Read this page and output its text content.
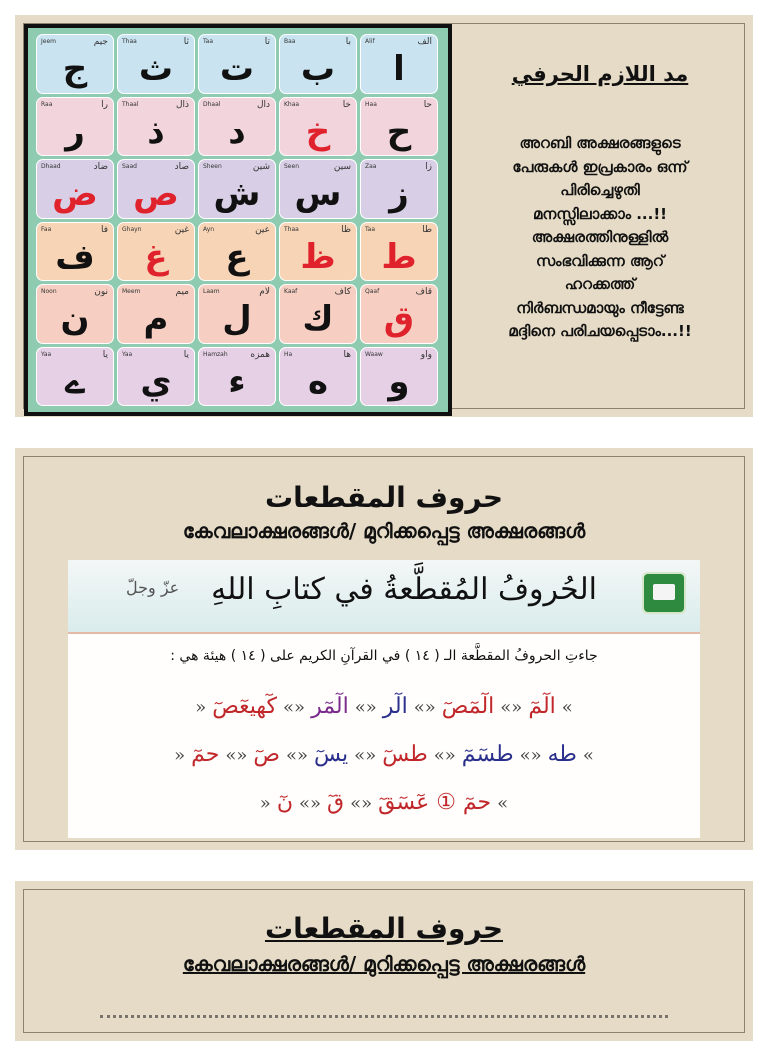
الف
Alif
ا
با
Baa
ب
تا
Taa
ت
ثا
Thaa
ث
جيم
Jeem
ج
حا
Haa
ح
خا
Khaa
خ
دال
Dhaal
د
ذال
Thaal
ذ
را
Raa
ر
زا
Zaa
ز
سين
Seen
س
شين
Sheen
ش
صاد
Saad
ص
ضاد
Dhaad
ض
طا
Taa
ط
ظا
Thaa
ظ
عين
Ayn
ع
غين
Ghayn
غ
فا
Faa
ف
قاف
Qaaf
ق
كاف
Kaaf
ك
لام
Laam
ل
ميم
Meem
م
نون
Noon
ن
واو
Waaw
و
ها
Ha
ه
همزه
Hamzah
ء
يا
Yaa
ي
يا
Yaa
ے
مد اللازم الحرفي
അറബി അക്ഷരങ്ങളുടെ
പേരുകൾ ഇപ്രകാരം ഒന്ന്
പിരിച്ചെഴുതി
മനസ്സിലാക്കാം ...!!
അക്ഷരത്തിനുള്ളിൽ
സംഭവിക്കുന്ന ആറ്
ഹറക്കത്ത്
നിർബന്ധമായും നീട്ടേണ്ട
മദ്ദിനെ പരിചയപ്പെടാം...!!
حروف المقطعات
കേവലാക്ഷരങ്ങൾ/ മുറിക്കപ്പെട്ട അക്ഷരങ്ങൾ
الحُروفُ المُقطَّعةُ في كتابِ اللهِ
عزّ وجلّ
جاءتِ الحروفُ المقطَّعة الـ ( ١٤ ) في القرآنِ الكريم على ( ١٤ ) هيئة هي :
»الٓمٓ«»الٓمٓصٓ«»الٓر«»الٓمٓر«»كٓهيعٓصٓ«
»طه«»طسٓمٓ«»طسٓ«»يسٓ«»صٓ«»حمٓ«
»حمٓ ① عٓسٓقٓ«»قٓ«»نٓ«
حروف المقطعات
കേവലാക്ഷരങ്ങൾ/ മുറിക്കപ്പെട്ട അക്ഷരങ്ങൾ
